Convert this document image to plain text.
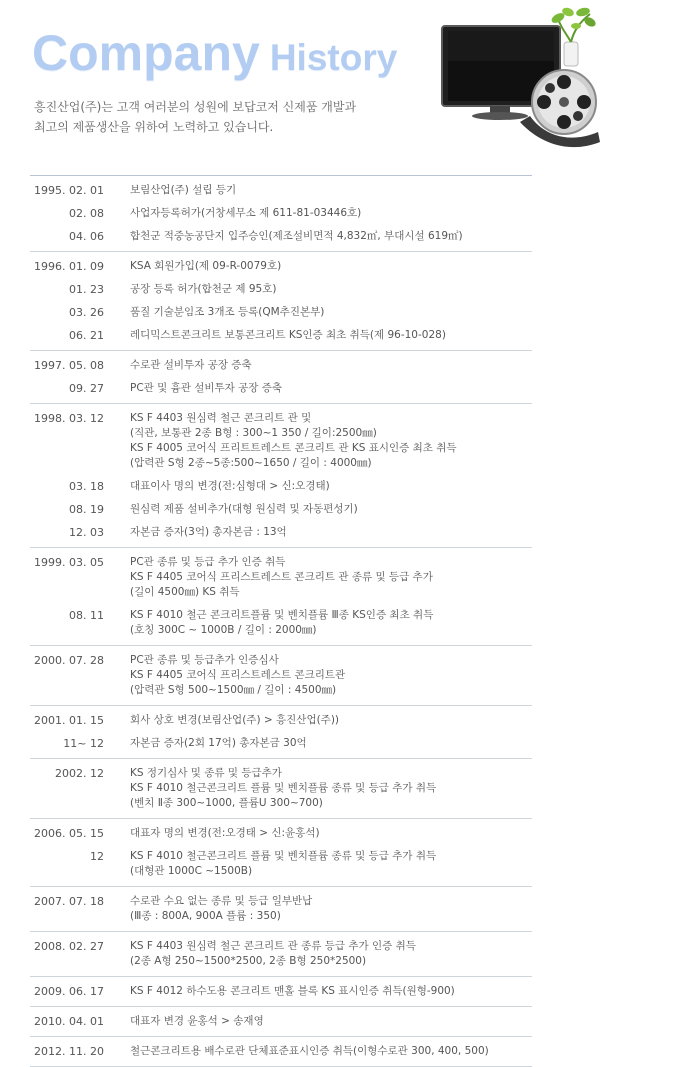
Company History

흥진산업(주)는 고객 여러분의 성원에 보답코저 신제품 개발과

최고의 제품생산을 위하여 노력하고 있습니다.

1995. 02. 01 보림산업(주) 설립 등기
02. 08 사업자등록허가(거창세무소 제 611-81-03446호)
04. 06 합천군 적중농공단지 입주승인(제조설비면적 4,832㎡, 부대시설 619㎡)
1996. 01. 09 KSA 회원가입(제 09-R-0079호)
01. 23 공장 등록 허가(합천군 제 95호)
03. 26 품질 기술분임조 3개조 등록(QM추진본부)
06. 21 레디믹스트콘크리트 보통콘크리트 KS인증 최초 취득(제 96-10-028)
1997. 05. 08 수로관 설비투자 공장 증축
09. 27 PC관 및 흄관 설비투자 공장 증축
1998. 03. 12 KS F 4403 원심력 철근 콘크리트 관 및
(직관, 보통관 2종 B형 : 300~1 350 / 길이:2500㎜)
KS F 4005 코어식 프리트트레스트 콘크리트 관 KS 표시인증 최초 취득
(압력관 S형 2종~5종:500~1650 / 길이 : 4000㎜)
03. 18 대표이사 명의 변경(전:심형대 > 신:오경태)
08. 19 원심력 제품 설비추가(대형 원심력 및 자동편성기)
12. 03 자본금 증자(3억) 총자본금 : 13억
1999. 03. 05 PC관 종류 및 등급 추가 인증 취득
KS F 4405 코어식 프리스트레스트 콘크리트 관 종류 및 등급 추가
(길이 4500㎜) KS 취득
08. 11 KS F 4010 철근 콘크리트플륨 및 벤치플륨 Ⅲ종 KS인증 최초 취득
(호칭 300C ~ 1000B / 길이 : 2000㎜)
2000. 07. 28 PC관 종류 및 등급추가 인증심사
KS F 4405 코어식 프리스트레스트 콘크리트관
(압력관 S형 500~1500㎜ / 길이 : 4500㎜)
2001. 01. 15 회사 상호 변경(보림산업(주) > 흥진산업(주))
11~ 12 자본금 증자(2회 17억) 총자본금 30억
2002. 12 KS 정기심사 및 종류 및 등급추가
KS F 4010 철근콘크리트 플륨 및 벤치플륨 종류 및 등급 추가 취득
(벤치 Ⅱ종 300~1000, 플륨U 300~700)
2006. 05. 15 대표자 명의 변경(전:오경태 > 신:윤홍석)
12 KS F 4010 철근콘크리트 플륨 및 벤치플륨 종류 및 등급 추가 취득
(대형관 1000C ~1500B)
2007. 07. 18 수로관 수요 없는 종류 및 등급 일부반납
(Ⅲ종 : 800A, 900A 플륨 : 350)
2008. 02. 27 KS F 4403 원심력 철근 콘크리트 관 종류 등급 추가 인증 취득
(2종 A형 250~1500*2500, 2종 B형 250*2500)
2009. 06. 17 KS F 4012 하수도용 콘크리트 맨홀 블록 KS 표시인증 취득(원형-900)
2010. 04. 01 대표자 변경 윤홍석 > 송재영
2012. 11. 20 철근콘크리트용 배수로관 단체표준표시인증 취득(이형수로관 300, 400, 500)
